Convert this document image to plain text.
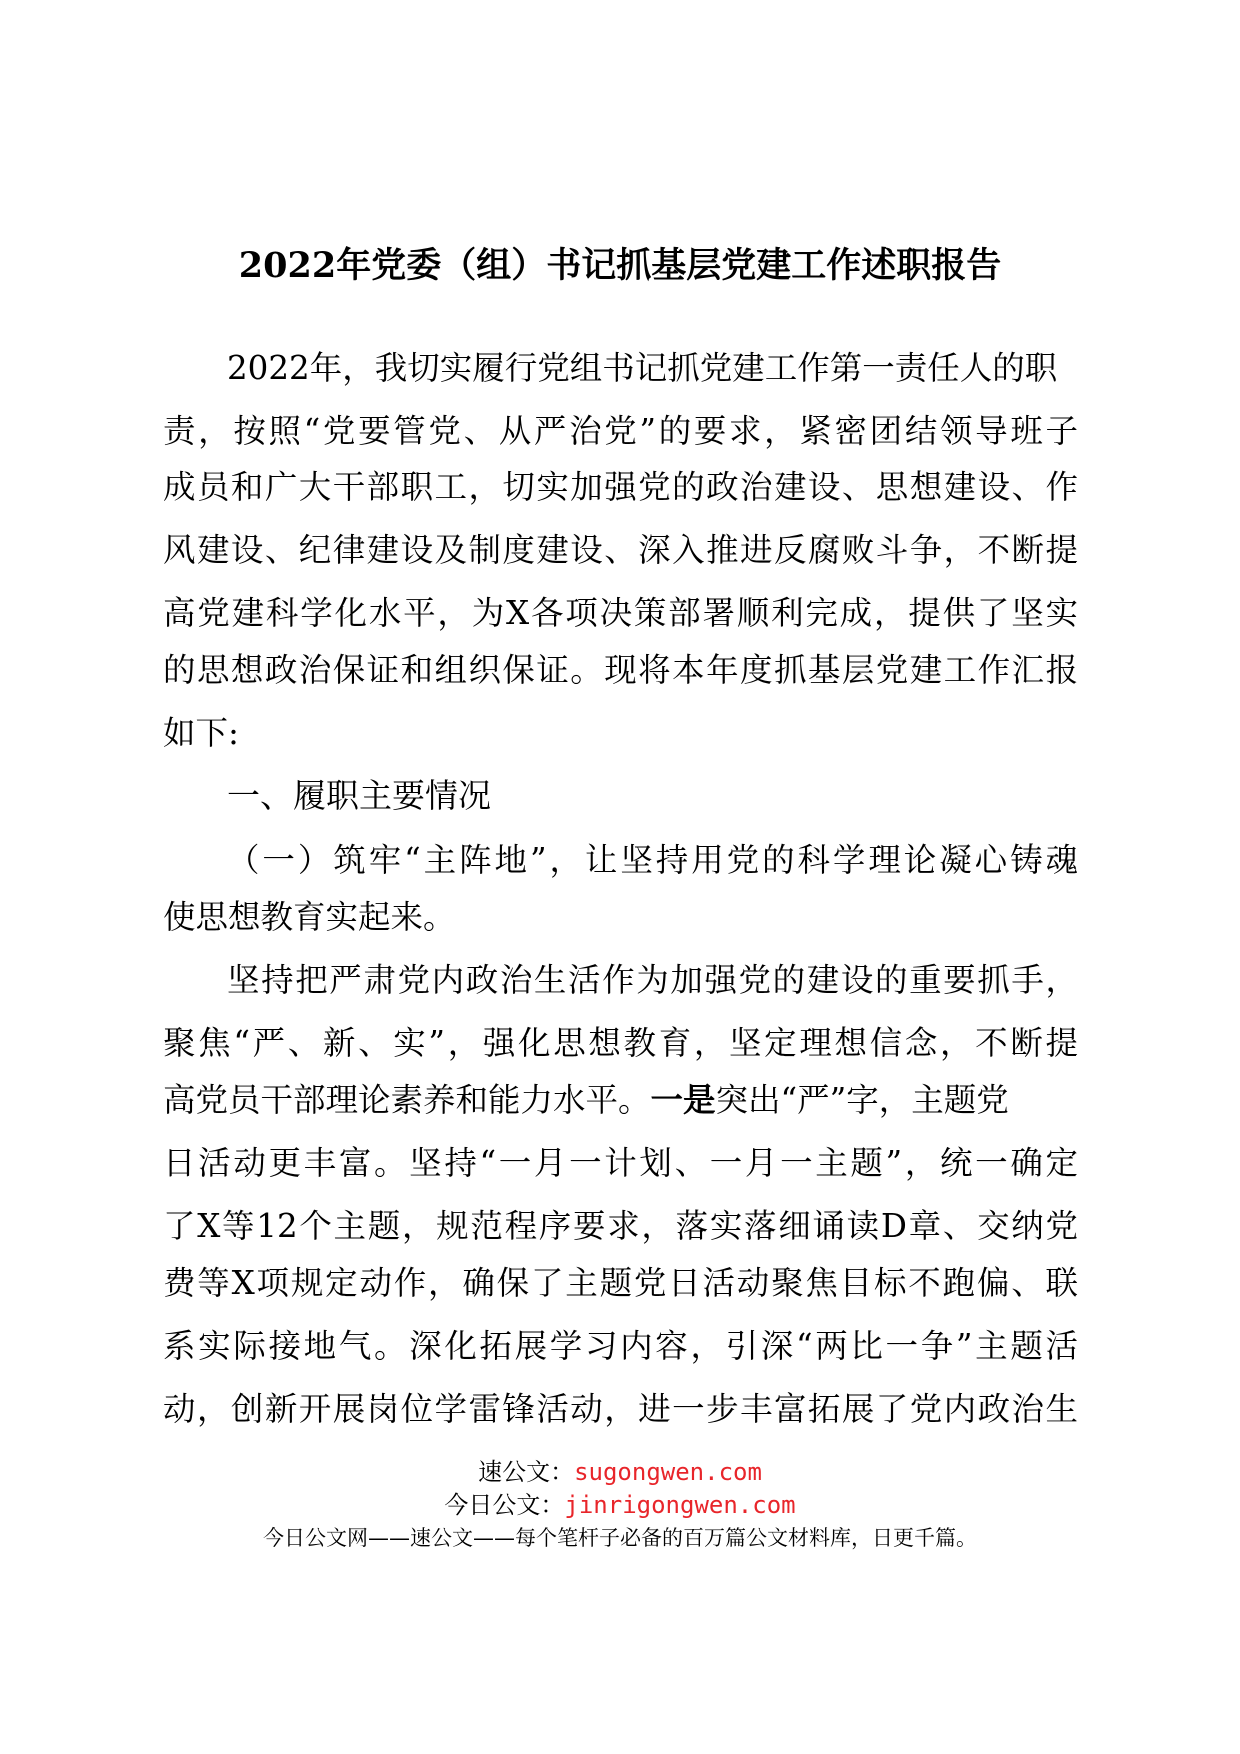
2022年党委（组）书记抓基层党建工作述职报告
2022年，我切实履行党组书记抓党建工作第一责任人的职
责，按照“党要管党、从严治党”的要求，紧密团结领导班子
成员和广大干部职工，切实加强党的政治建设、思想建设、作
风建设、纪律建设及制度建设、深入推进反腐败斗争，不断提
高党建科学化水平，为X各项决策部署顺利完成，提供了坚实
的思想政治保证和组织保证。现将本年度抓基层党建工作汇报
如下:
一、履职主要情况
（一）筑牢“主阵地”，让坚持用党的科学理论凝心铸魂
使思想教育实起来。
坚持把严肃党内政治生活作为加强党的建设的重要抓手，
聚焦“严、新、实”，强化思想教育，坚定理想信念，不断提
高党员干部理论素养和能力水平。一是突出“严”字，主题党
日活动更丰富。坚持“一月一计划、一月一主题”，统一确定
了X等12个主题，规范程序要求，落实落细诵读D章、交纳党
费等X项规定动作，确保了主题党日活动聚焦目标不跑偏、联
系实际接地气。深化拓展学习内容，引深“两比一争”主题活
动，创新开展岗位学雷锋活动，进一步丰富拓展了党内政治生
速公文：sugongwen.com
今日公文：jinrigongwen.com
今日公文网——速公文——每个笔杆子必备的百万篇公文材料库，日更千篇。
